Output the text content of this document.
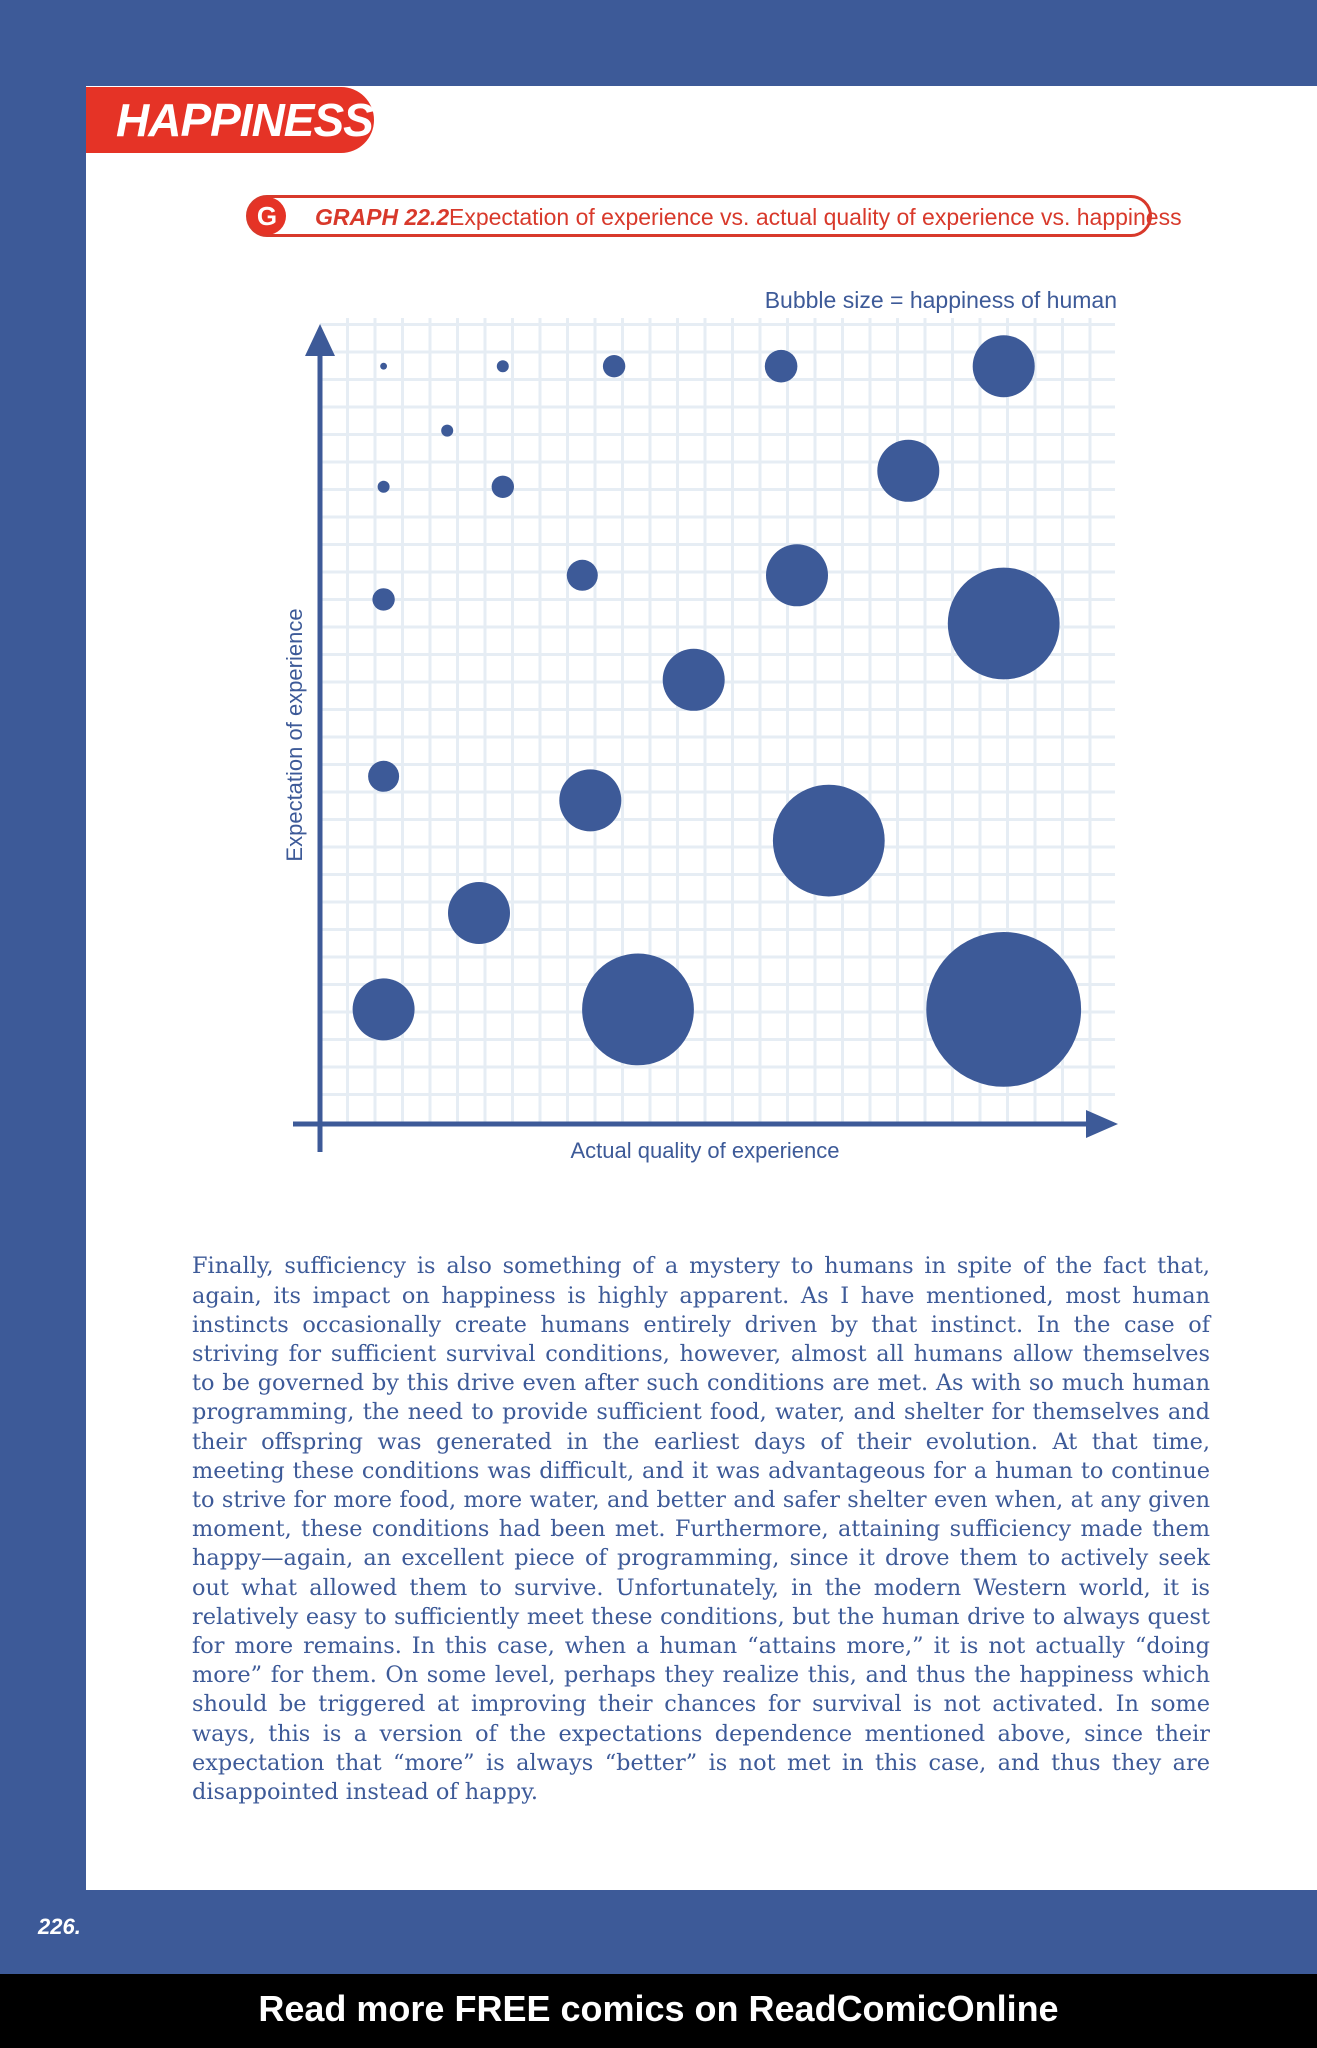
HAPPINESS
G	GRAPH 22.2 Expectation of experience vs. actual quality of experience vs. happiness
Bubble size = happiness of human
Actual quality of experience
Expectation of experience

Finally, sufficiency is also something of a mystery to humans in spite of the fact that, again, its impact on happiness is highly apparent. As I have mentioned, most human instincts occasionally create humans entirely driven by that instinct. In the case of striving for sufficient survival conditions, however, almost all humans allow themselves to be governed by this drive even after such conditions are met. As with so much human programming, the need to provide sufficient food, water, and shelter for themselves and their offspring was generated in the earliest days of their evolution. At that time, meeting these conditions was difficult, and it was advantageous for a human to continue to strive for more food, more water, and better and safer shelter even when, at any given moment, these conditions had been met. Furthermore, attaining sufficiency made them happy—again, an excellent piece of programming, since it drove them to actively seek out what allowed them to survive. Unfortunately, in the modern Western world, it is relatively easy to sufficiently meet these conditions, but the human drive to always quest for more remains. In this case, when a human “attains more,” it is not actually “doing more” for them. On some level, perhaps they realize this, and thus the happiness which should be triggered at improving their chances for survival is not activated. In some ways, this is a version of the expectations dependence mentioned above, since their expectation that “more” is always “better” is not met in this case, and thus they are disappointed instead of happy.

226.
Read more FREE comics on ReadComicOnline
